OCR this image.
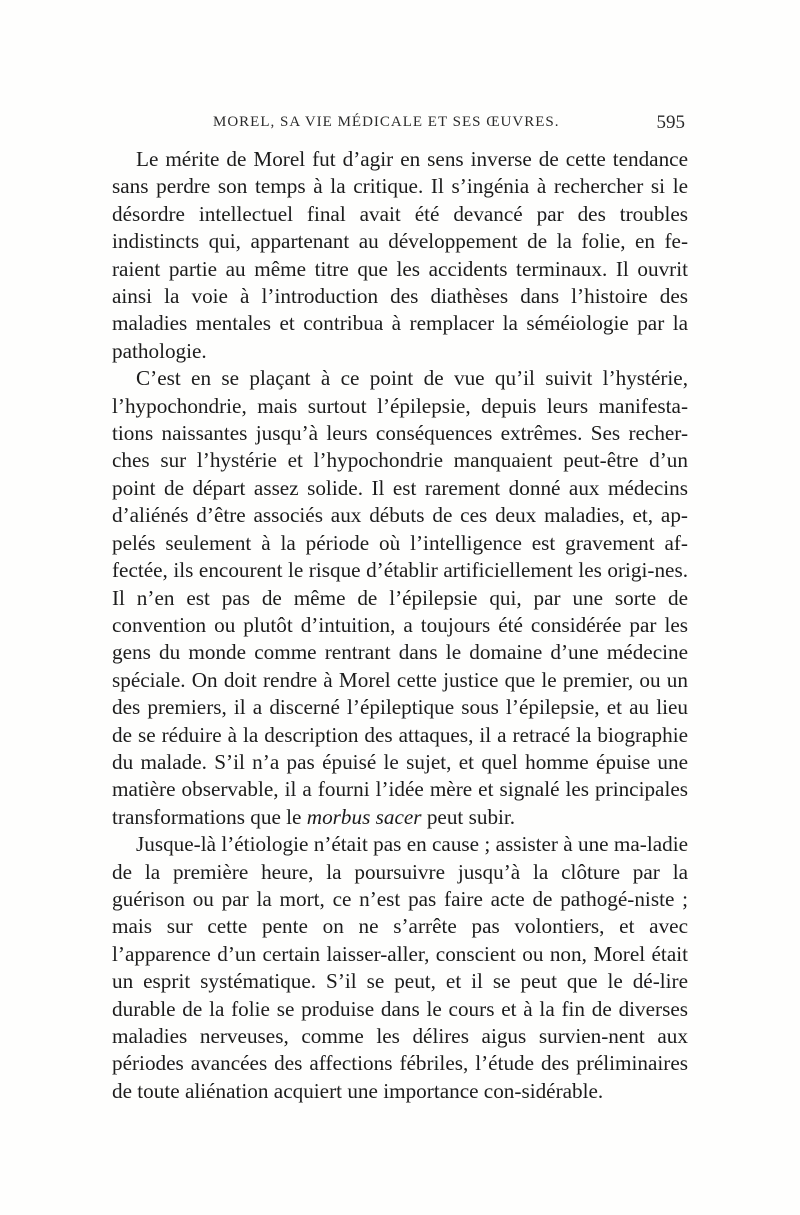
MOREL, SA VIE MÉDICALE ET SES ŒUVRES.	595

Le mérite de Morel fut d’agir en sens inverse de cette tendance sans perdre son temps à la critique. Il s’ingénia à rechercher si le désordre intellectuel final avait été devancé par des troubles indistincts qui, appartenant au développement de la folie, en fe-raient partie au même titre que les accidents terminaux. Il ouvrit ainsi la voie à l’introduction des diathèses dans l’histoire des maladies mentales et contribua à remplacer la séméiologie par la pathologie.

C’est en se plaçant à ce point de vue qu’il suivit l’hystérie, l’hypochondrie, mais surtout l’épilepsie, depuis leurs manifesta-tions naissantes jusqu’à leurs conséquences extrêmes. Ses recher-ches sur l’hystérie et l’hypochondrie manquaient peut-être d’un point de départ assez solide. Il est rarement donné aux médecins d’aliénés d’être associés aux débuts de ces deux maladies, et, ap-pelés seulement à la période où l’intelligence est gravement af-fectée, ils encourent le risque d’établir artificiellement les origi-nes. Il n’en est pas de même de l’épilepsie qui, par une sorte de convention ou plutôt d’intuition, a toujours été considérée par les gens du monde comme rentrant dans le domaine d’une médecine spéciale. On doit rendre à Morel cette justice que le premier, ou un des premiers, il a discerné l’épileptique sous l’épilepsie, et au lieu de se réduire à la description des attaques, il a retracé la biographie du malade. S’il n’a pas épuisé le sujet, et quel homme épuise une matière observable, il a fourni l’idée mère et signalé les principales transformations que le morbus sacer peut subir.

Jusque-là l’étiologie n’était pas en cause ; assister à une ma-ladie de la première heure, la poursuivre jusqu’à la clôture par la guérison ou par la mort, ce n’est pas faire acte de pathogé-niste ; mais sur cette pente on ne s’arrête pas volontiers, et avec l’apparence d’un certain laisser-aller, conscient ou non, Morel était un esprit systématique. S’il se peut, et il se peut que le dé-lire durable de la folie se produise dans le cours et à la fin de diverses maladies nerveuses, comme les délires aigus survien-nent aux périodes avancées des affections fébriles, l’étude des préliminaires de toute aliénation acquiert une importance con-sidérable.
